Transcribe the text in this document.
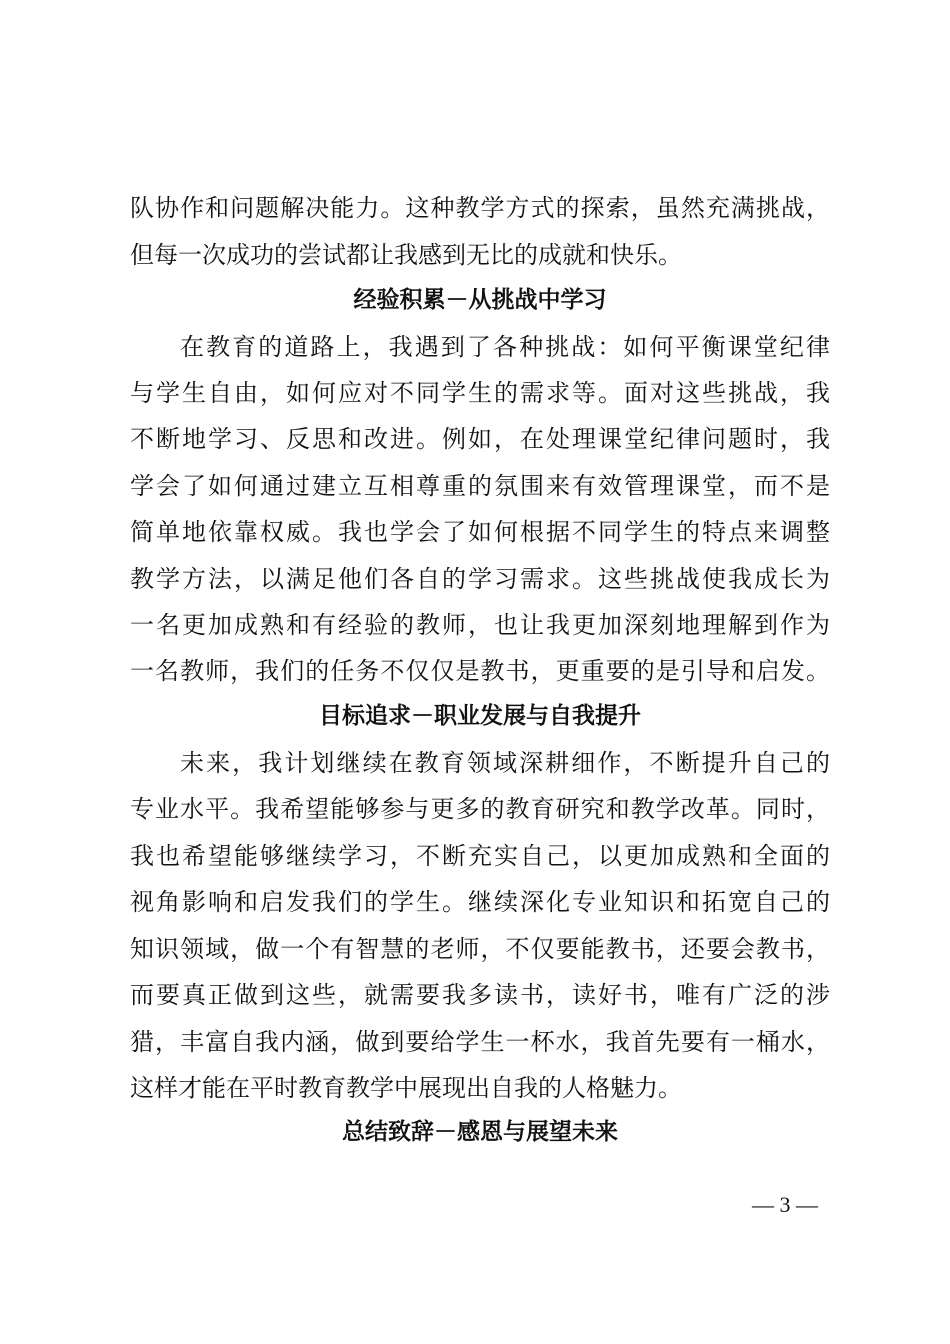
队协作和问题解决能力。这种教学方式的探索，虽然充满挑战，
但每一次成功的尝试都让我感到无比的成就和快乐。
经验积累－从挑战中学习
在教育的道路上，我遇到了各种挑战：如何平衡课堂纪律
与学生自由，如何应对不同学生的需求等。面对这些挑战，我
不断地学习、反思和改进。例如，在处理课堂纪律问题时，我
学会了如何通过建立互相尊重的氛围来有效管理课堂，而不是
简单地依靠权威。我也学会了如何根据不同学生的特点来调整
教学方法，以满足他们各自的学习需求。这些挑战使我成长为
一名更加成熟和有经验的教师，也让我更加深刻地理解到作为
一名教师，我们的任务不仅仅是教书，更重要的是引导和启发。
目标追求－职业发展与自我提升
未来，我计划继续在教育领域深耕细作，不断提升自己的
专业水平。我希望能够参与更多的教育研究和教学改革。同时，
我也希望能够继续学习，不断充实自己，以更加成熟和全面的
视角影响和启发我们的学生。继续深化专业知识和拓宽自己的
知识领域，做一个有智慧的老师，不仅要能教书，还要会教书，
而要真正做到这些，就需要我多读书，读好书，唯有广泛的涉
猎，丰富自我内涵，做到要给学生一杯水，我首先要有一桶水，
这样才能在平时教育教学中展现出自我的人格魅力。
总结致辞－感恩与展望未来
— 3 —
